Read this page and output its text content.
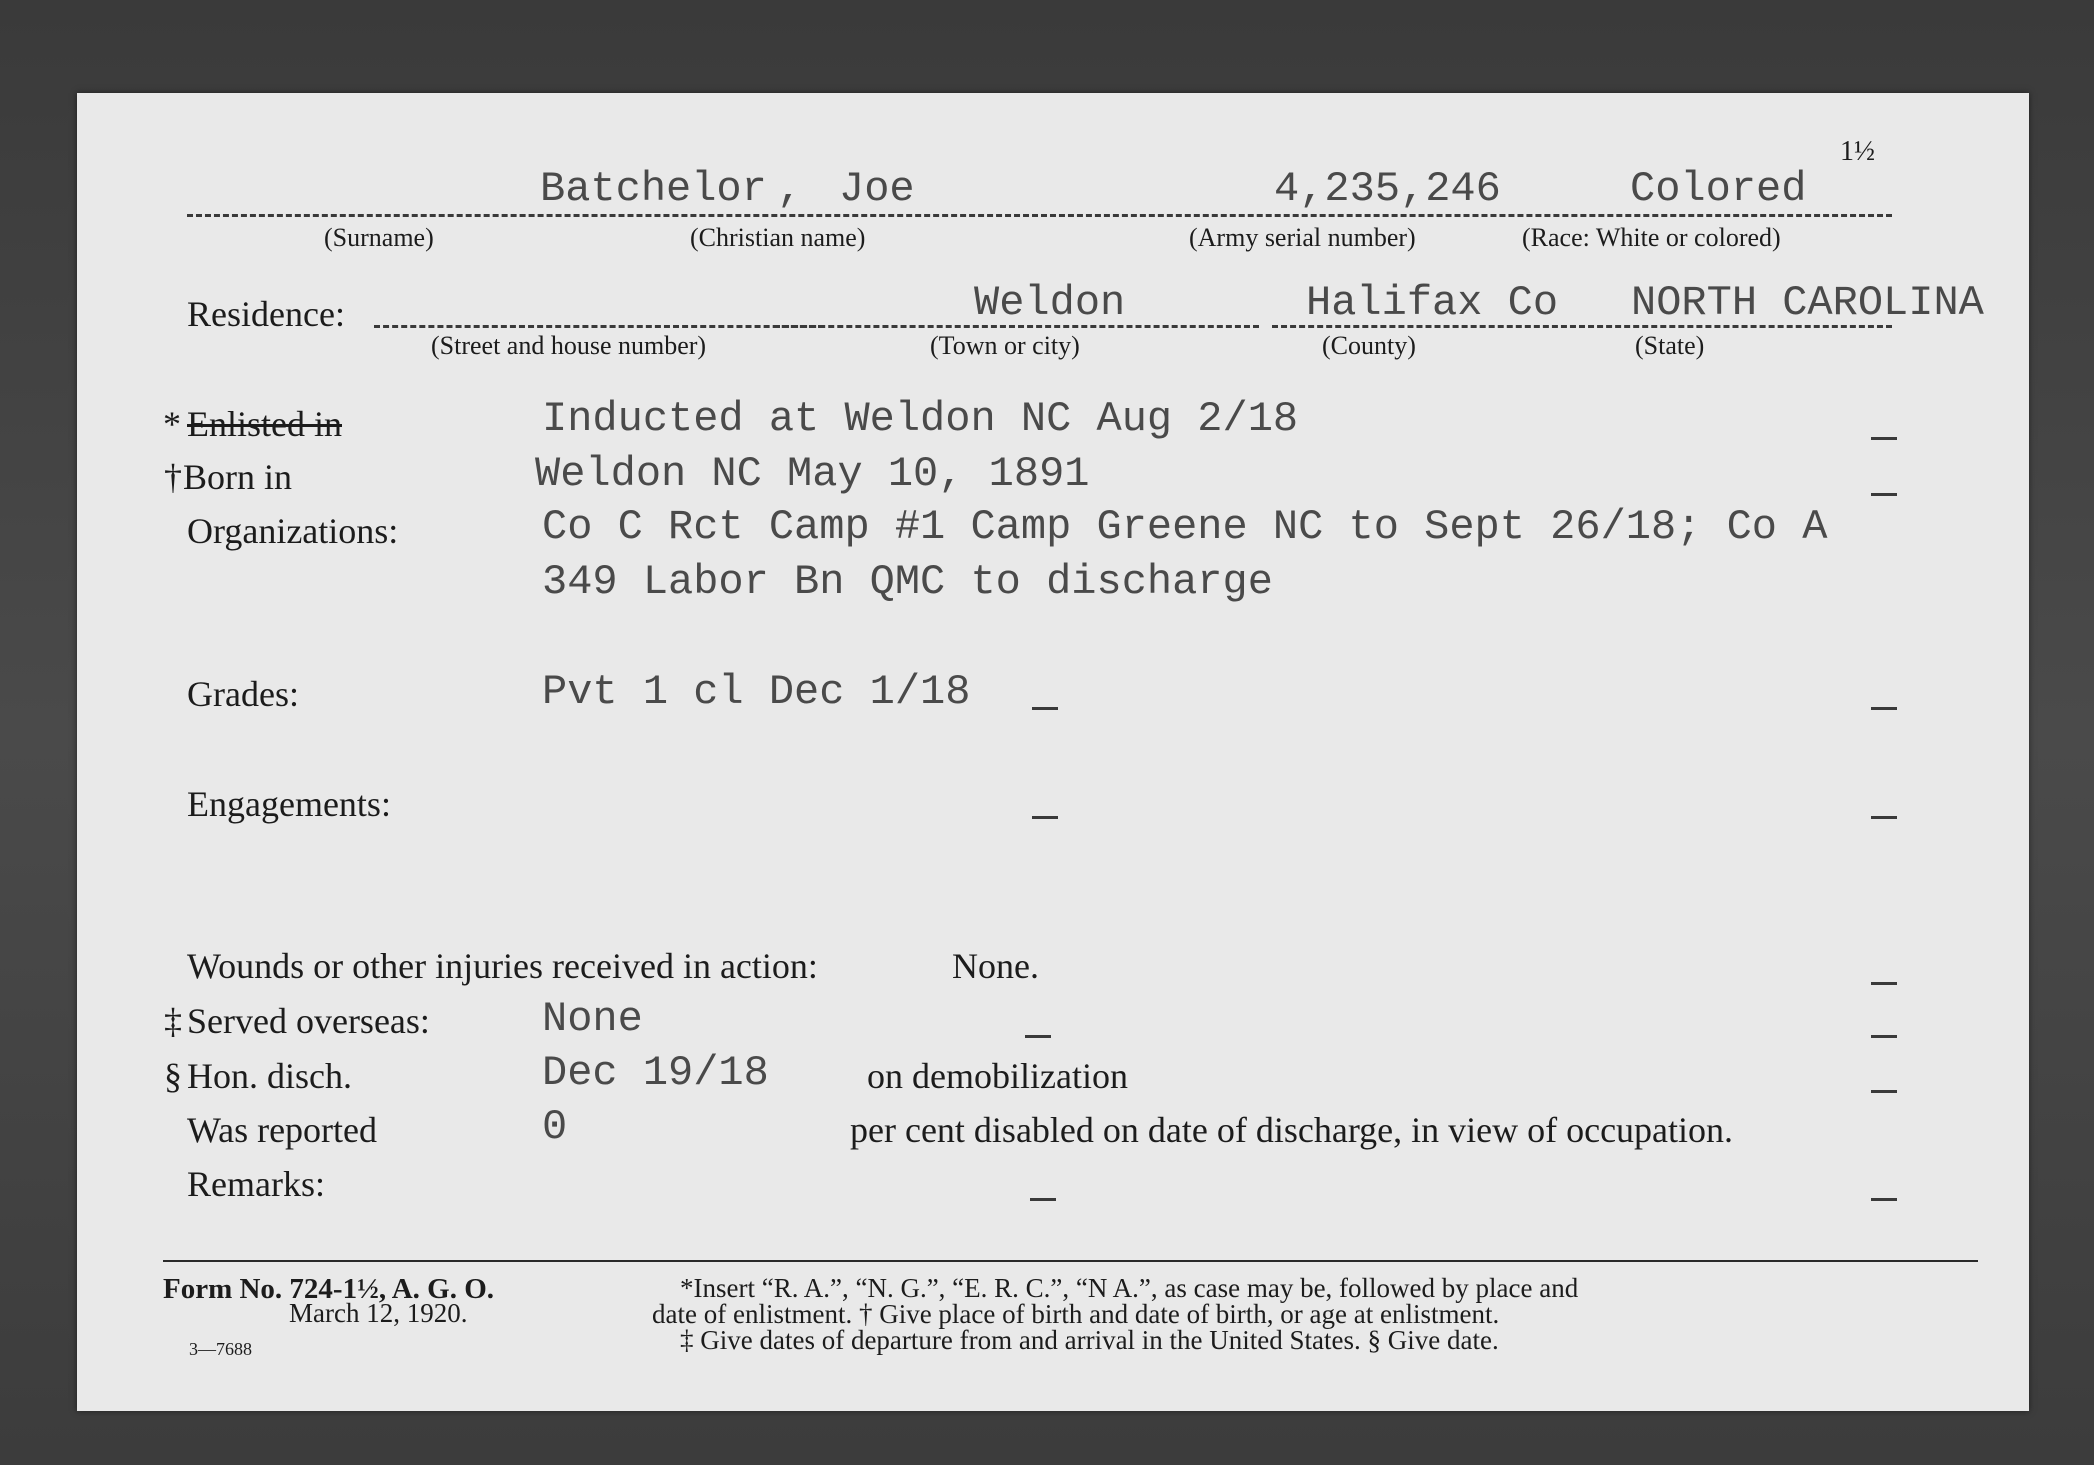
1½
Batchelor , Joe	4,235,246	Colored
(Surname)	(Christian name)	(Army serial number)	(Race: White or colored)
Residence:	Weldon	Halifax Co NORTH CAROLINA
(Street and house number)	(Town or city)	(County)	(State)
* Enlisted in	Inducted at Weldon NC Aug 2/18
† Born in	Weldon NC May 10, 1891
Organizations:	Co C Rct Camp #1 Camp Greene NC to Sept 26/18; Co A
349 Labor Bn QMC to discharge
Grades:	Pvt 1 cl Dec 1/18
Engagements:
Wounds or other injuries received in action:	None.
‡ Served overseas:	None
§ Hon. disch.	Dec 19/18	on demobilization
Was reported	0	per cent disabled on date of discharge, in view of occupation.
Remarks:
Form No. 724-1½, A. G. O.
March 12, 1920.
3—7688
*Insert “R. A.”, “N. G.”, “E. R. C.”, “N A.”, as case may be, followed by place and
date of enlistment. † Give place of birth and date of birth, or age at enlistment.
‡ Give dates of departure from and arrival in the United States. § Give date.
